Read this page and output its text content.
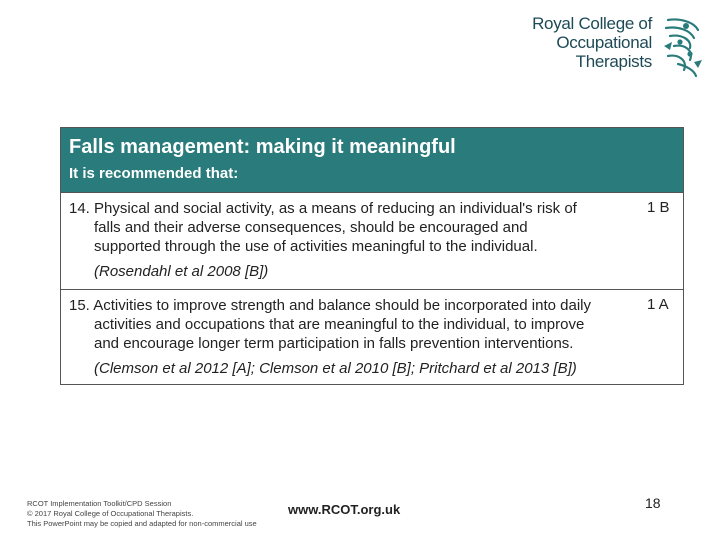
Royal College of
Occupational
Therapists
Falls management: making it meaningful
It is recommended that:
14. Physical and social activity, as a means of reducing an individual's risk of
falls and their adverse consequences, should be encouraged and
supported through the use of activities meaningful to the individual.
(Rosendahl et al 2008 [B])
1 B
15. Activities to improve strength and balance should be incorporated into daily
activities and occupations that are meaningful to the individual, to improve
and encourage longer term participation in falls prevention interventions.
(Clemson et al 2012 [A]; Clemson et al 2010 [B]; Pritchard et al 2013 [B])
1 A
RCOT Implementation Toolkit/CPD Session
© 2017 Royal College of Occupational Therapists.
This PowerPoint may be copied and adapted for non-commercial use
www.RCOT.org.uk	18
